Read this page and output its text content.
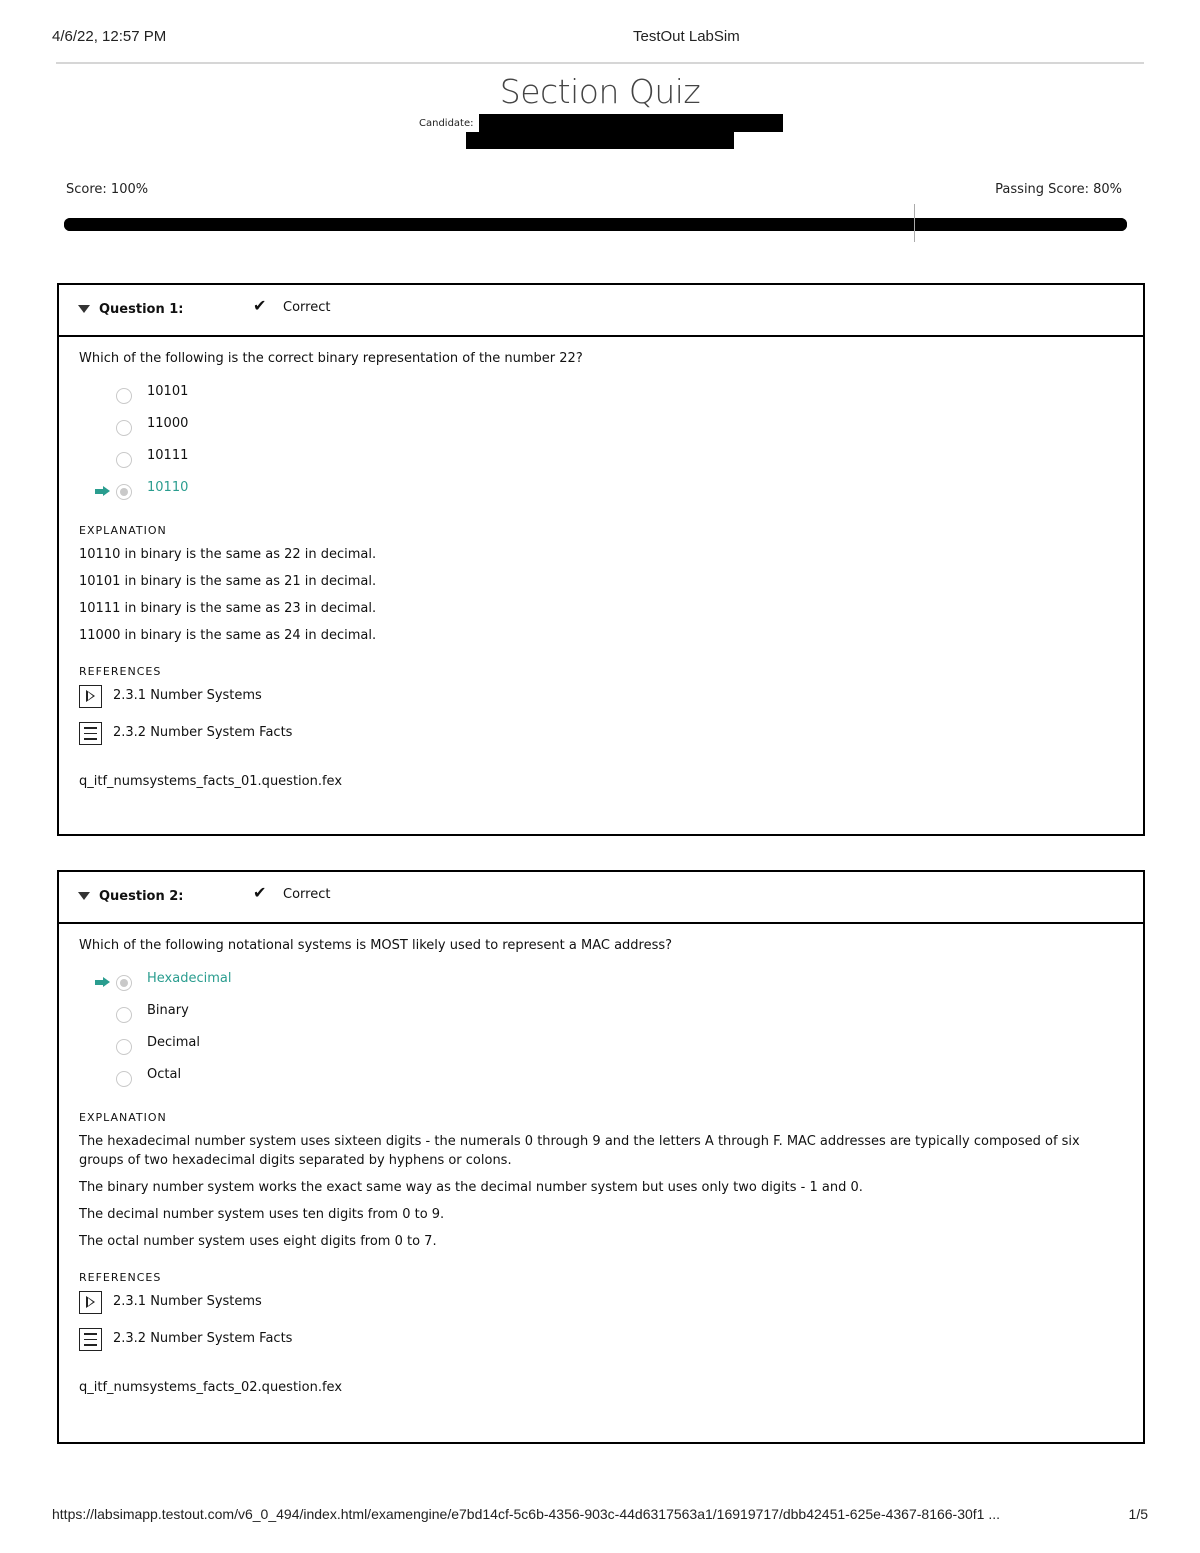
4/6/22, 12:57 PM	TestOut LabSim
Section Quiz
Candidate:
Score: 100%	Passing Score: 80%
Question 1:	✔ Correct
Which of the following is the correct binary representation of the number 22?
10101
11000
10111
10110
EXPLANATION
10110 in binary is the same as 22 in decimal.
10101 in binary is the same as 21 in decimal.
10111 in binary is the same as 23 in decimal.
11000 in binary is the same as 24 in decimal.
REFERENCES
2.3.1 Number Systems
2.3.2 Number System Facts
q_itf_numsystems_facts_01.question.fex
Question 2:	✔ Correct
Which of the following notational systems is MOST likely used to represent a MAC address?
Hexadecimal
Binary
Decimal
Octal
EXPLANATION
The hexadecimal number system uses sixteen digits - the numerals 0 through 9 and the letters A through F. MAC addresses are typically composed of six groups of two hexadecimal digits separated by hyphens or colons.
The binary number system works the exact same way as the decimal number system but uses only two digits - 1 and 0.
The decimal number system uses ten digits from 0 to 9.
The octal number system uses eight digits from 0 to 7.
REFERENCES
2.3.1 Number Systems
2.3.2 Number System Facts
q_itf_numsystems_facts_02.question.fex
https://labsimapp.testout.com/v6_0_494/index.html/examengine/e7bd14cf-5c6b-4356-903c-44d6317563a1/16919717/dbb42451-625e-4367-8166-30f1 ...	1/5
